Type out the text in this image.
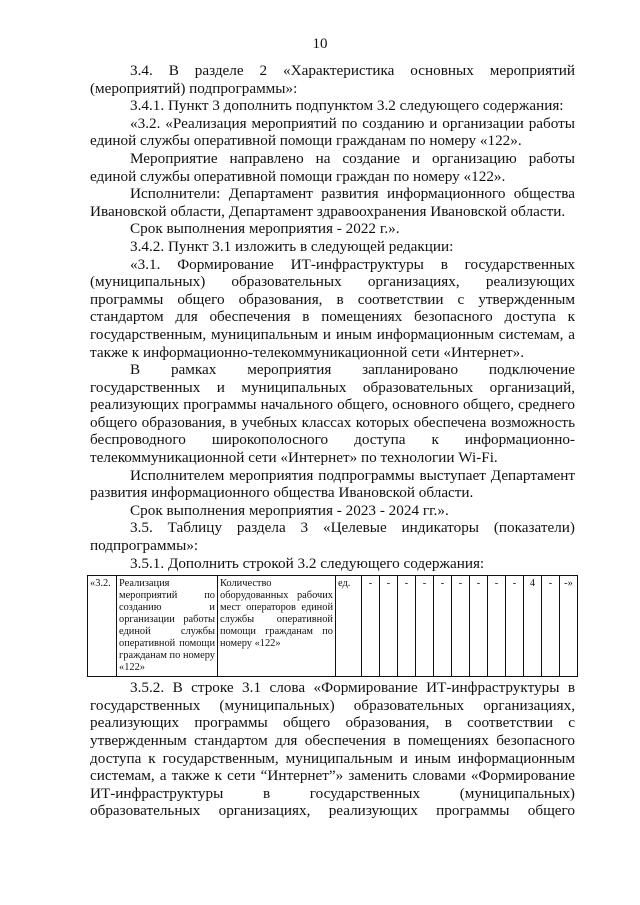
10

3.4. В разделе 2 «Характеристика основных мероприятий (мероприятий) подпрограммы»:

3.4.1. Пункт 3 дополнить подпунктом 3.2 следующего содержания:

«3.2. «Реализация мероприятий по созданию и организации работы единой службы оперативной помощи гражданам по номеру «122».

Мероприятие направлено на создание и организацию работы единой службы оперативной помощи граждан по номеру «122».

Исполнители: Департамент развития информационного общества Ивановской области, Департамент здравоохранения Ивановской области.

Срок выполнения мероприятия - 2022 г.».

3.4.2. Пункт 3.1 изложить в следующей редакции:

«3.1. Формирование ИТ-инфраструктуры в государственных (муниципальных) образовательных организациях, реализующих программы общего образования, в соответствии с утвержденным стандартом для обеспечения в помещениях безопасного доступа к государственным, муниципальным и иным информационным системам, а также к информационно-телекоммуникационной сети «Интернет».

В рамках мероприятия запланировано подключение государственных и муниципальных образовательных организаций, реализующих программы начального общего, основного общего, среднего общего образования, в учебных классах которых обеспечена возможность беспроводного широкополосного доступа к информационно-телекоммуникационной сети «Интернет» по технологии Wi-Fi.

Исполнителем мероприятия подпрограммы выступает Департамент развития информационного общества Ивановской области.

Срок выполнения мероприятия - 2023 - 2024 гг.».

3.5. Таблицу раздела 3 «Целевые индикаторы (показатели) подпрограммы»:

3.5.1. Дополнить строкой 3.2 следующего содержания:

«3.2.	Реализация мероприятий по созданию и организации работы единой службы оперативной помощи гражданам по номеру «122»	Количество оборудованных рабочих мест операторов единой службы оперативной помощи гражданам по номеру «122»	ед.	-	-	-	-	-	-	-	-	-	4	-	-»

3.5.2. В строке 3.1 слова «Формирование ИТ-инфраструктуры в государственных (муниципальных) образовательных организациях, реализующих программы общего образования, в соответствии с утвержденным стандартом для обеспечения в помещениях безопасного доступа к государственным, муниципальным и иным информационным системам, а также к сети “Интернет”» заменить словами «Формирование ИТ-инфраструктуры в государственных (муниципальных) образовательных организациях, реализующих программы общего
